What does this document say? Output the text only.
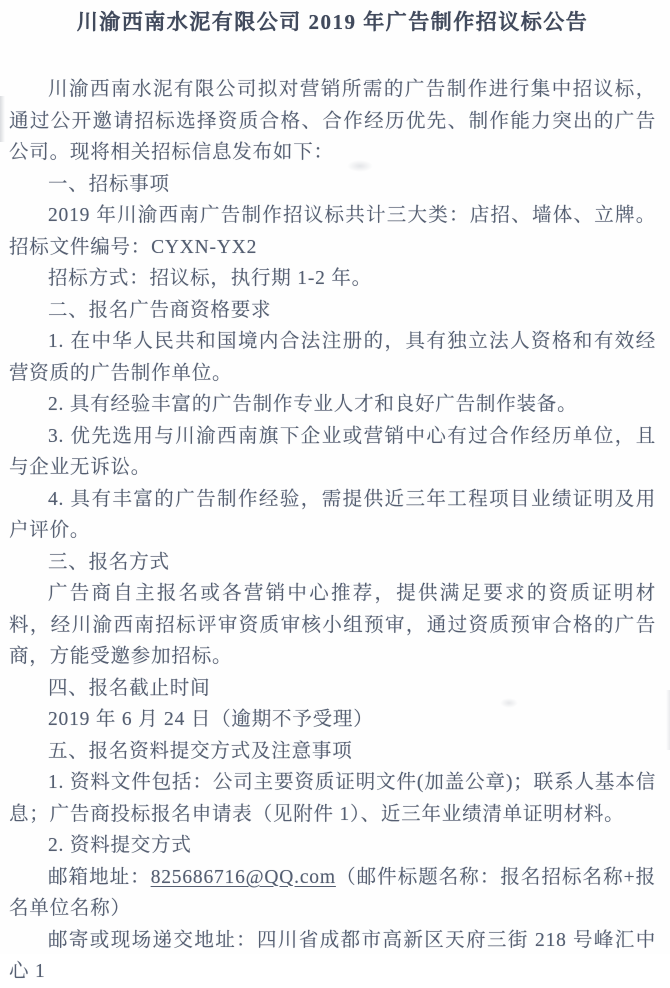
川渝西南水泥有限公司 2019 年广告制作招议标公告

川渝西南水泥有限公司拟对营销所需的广告制作进行集中招议标，通过公开邀请招标选择资质合格、合作经历优先、制作能力突出的广告公司。现将相关招标信息发布如下：

一、招标事项

2019 年川渝西南广告制作招议标共计三大类：店招、墙体、立牌。招标文件编号：CYXN-YX2

招标方式：招议标，执行期 1-2 年。

二、报名广告商资格要求

1. 在中华人民共和国境内合法注册的，具有独立法人资格和有效经营资质的广告制作单位。

2. 具有经验丰富的广告制作专业人才和良好广告制作装备。

3. 优先选用与川渝西南旗下企业或营销中心有过合作经历单位，且与企业无诉讼。

4. 具有丰富的广告制作经验，需提供近三年工程项目业绩证明及用户评价。

三、报名方式

广告商自主报名或各营销中心推荐，提供满足要求的资质证明材料，经川渝西南招标评审资质审核小组预审，通过资质预审合格的广告商，方能受邀参加招标。

四、报名截止时间

2019 年 6 月 24 日（逾期不予受理）

五、报名资料提交方式及注意事项

1. 资料文件包括：公司主要资质证明文件(加盖公章)；联系人基本信息；广告商投标报名申请表（见附件 1）、近三年业绩清单证明材料。

2. 资料提交方式

邮箱地址：825686716@QQ.com（邮件标题名称：报名招标名称+报名单位名称）

邮寄或现场递交地址：四川省成都市高新区天府三街 218 号峰汇中心 1
